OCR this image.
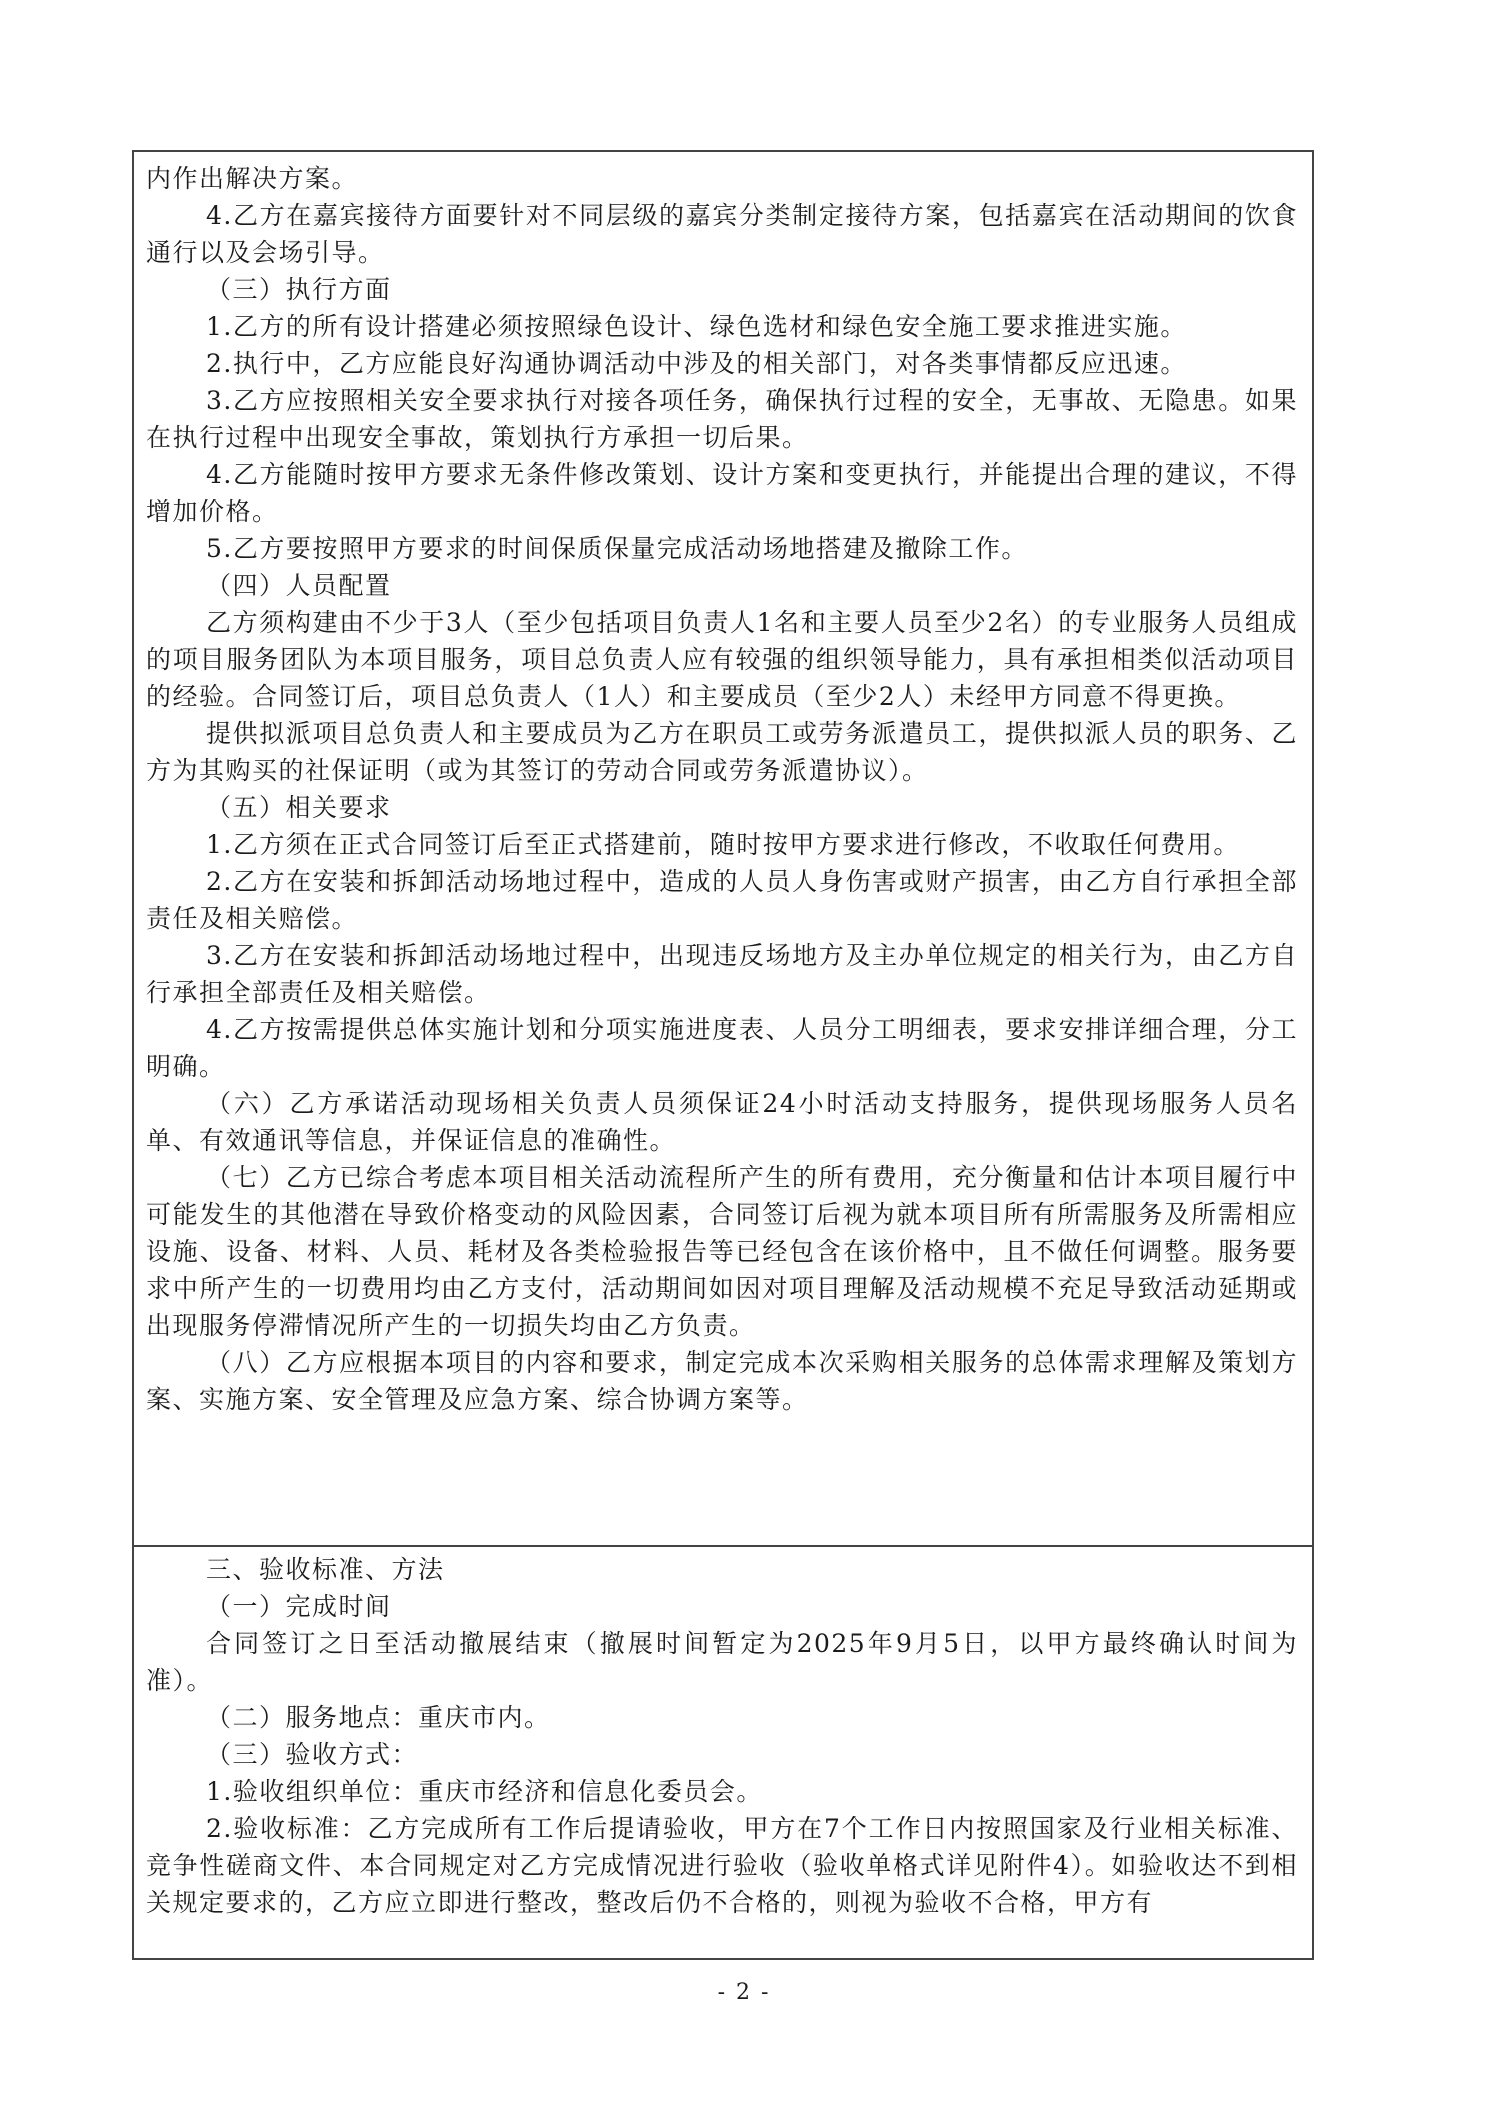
内作出解决方案。

4.乙方在嘉宾接待方面要针对不同层级的嘉宾分类制定接待方案，包括嘉宾在活动期间的饮食通行以及会场引导。

（三）执行方面

1.乙方的所有设计搭建必须按照绿色设计、绿色选材和绿色安全施工要求推进实施。

2.执行中，乙方应能良好沟通协调活动中涉及的相关部门，对各类事情都反应迅速。

3.乙方应按照相关安全要求执行对接各项任务，确保执行过程的安全，无事故、无隐患。如果在执行过程中出现安全事故，策划执行方承担一切后果。

4.乙方能随时按甲方要求无条件修改策划、设计方案和变更执行，并能提出合理的建议，不得增加价格。

5.乙方要按照甲方要求的时间保质保量完成活动场地搭建及撤除工作。

（四）人员配置

乙方须构建由不少于3人（至少包括项目负责人1名和主要人员至少2名）的专业服务人员组成的项目服务团队为本项目服务，项目总负责人应有较强的组织领导能力，具有承担相类似活动项目的经验。合同签订后，项目总负责人（1人）和主要成员（至少2人）未经甲方同意不得更换。

提供拟派项目总负责人和主要成员为乙方在职员工或劳务派遣员工，提供拟派人员的职务、乙方为其购买的社保证明（或为其签订的劳动合同或劳务派遣协议）。

（五）相关要求

1.乙方须在正式合同签订后至正式搭建前，随时按甲方要求进行修改，不收取任何费用。

2.乙方在安装和拆卸活动场地过程中，造成的人员人身伤害或财产损害，由乙方自行承担全部责任及相关赔偿。

3.乙方在安装和拆卸活动场地过程中，出现违反场地方及主办单位规定的相关行为，由乙方自行承担全部责任及相关赔偿。

4.乙方按需提供总体实施计划和分项实施进度表、人员分工明细表，要求安排详细合理，分工明确。

（六）乙方承诺活动现场相关负责人员须保证24小时活动支持服务，提供现场服务人员名单、有效通讯等信息，并保证信息的准确性。

（七）乙方已综合考虑本项目相关活动流程所产生的所有费用，充分衡量和估计本项目履行中可能发生的其他潜在导致价格变动的风险因素，合同签订后视为就本项目所有所需服务及所需相应设施、设备、材料、人员、耗材及各类检验报告等已经包含在该价格中，且不做任何调整。服务要求中所产生的一切费用均由乙方支付，活动期间如因对项目理解及活动规模不充足导致活动延期或出现服务停滞情况所产生的一切损失均由乙方负责。

（八）乙方应根据本项目的内容和要求，制定完成本次采购相关服务的总体需求理解及策划方案、实施方案、安全管理及应急方案、综合协调方案等。

三、验收标准、方法

（一）完成时间

合同签订之日至活动撤展结束（撤展时间暂定为2025年9月5日，以甲方最终确认时间为准）。

（二）服务地点：重庆市内。

（三）验收方式：

1.验收组织单位：重庆市经济和信息化委员会。

2.验收标准：乙方完成所有工作后提请验收，甲方在7个工作日内按照国家及行业相关标准、竞争性磋商文件、本合同规定对乙方完成情况进行验收（验收单格式详见附件4）。如验收达不到相关规定要求的，乙方应立即进行整改，整改后仍不合格的，则视为验收不合格，甲方有

- 2 -
